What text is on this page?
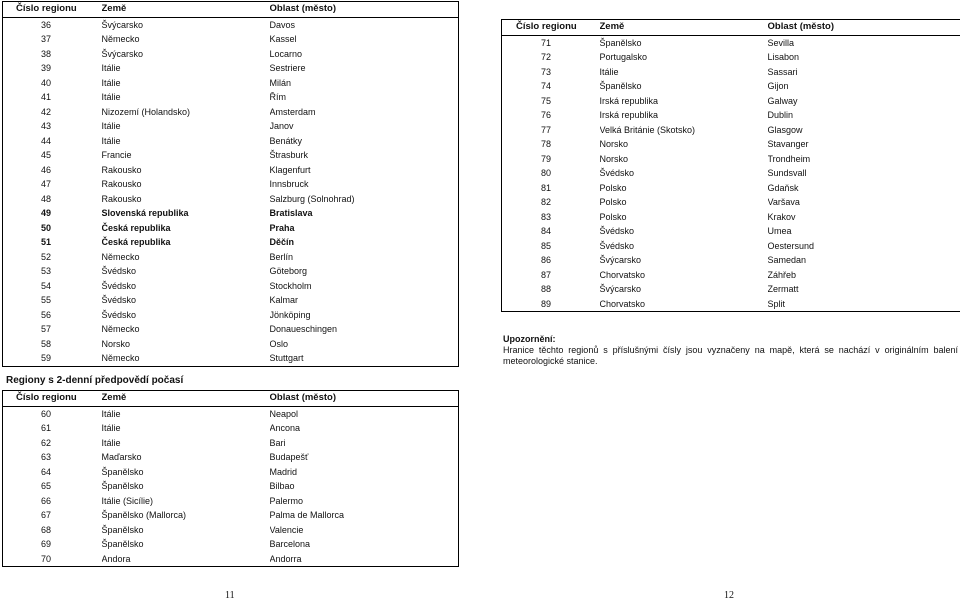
Číslo regionu	Země	Oblast (město)
36	Švýcarsko	Davos
37	Německo	Kassel
38	Švýcarsko	Locarno
39	Itálie	Sestriere
40	Itálie	Milán
41	Itálie	Řím
42	Nizozemí (Holandsko)	Amsterdam
43	Itálie	Janov
44	Itálie	Benátky
45	Francie	Štrasburk
46	Rakousko	Klagenfurt
47	Rakousko	Innsbruck
48	Rakousko	Salzburg (Solnohrad)
49	Slovenská republika	Bratislava
50	Česká republika	Praha
51	Česká republika	Děčín
52	Německo	Berlín
53	Švédsko	Göteborg
54	Švédsko	Stockholm
55	Švédsko	Kalmar
56	Švédsko	Jönköping
57	Německo	Donaueschingen
58	Norsko	Oslo
59	Německo	Stuttgart
Regiony s 2-denní předpovědí počasí
Číslo regionu	Země	Oblast (město)
60	Itálie	Neapol
61	Itálie	Ancona
62	Itálie	Bari
63	Maďarsko	Budapešť
64	Španělsko	Madrid
65	Španělsko	Bilbao
66	Itálie (Sicílie)	Palermo
67	Španělsko (Mallorca)	Palma de Mallorca
68	Španělsko	Valencie
69	Španělsko	Barcelona
70	Andora	Andorra
Číslo regionu	Země	Oblast (město)
71	Španělsko	Sevilla
72	Portugalsko	Lisabon
73	Itálie	Sassari
74	Španělsko	Gijon
75	Irská republika	Galway
76	Irská republika	Dublin
77	Velká Británie (Skotsko)	Glasgow
78	Norsko	Stavanger
79	Norsko	Trondheim
80	Švédsko	Sundsvall
81	Polsko	Gdaňsk
82	Polsko	Varšava
83	Polsko	Krakov
84	Švédsko	Umea
85	Švédsko	Oestersund
86	Švýcarsko	Samedan
87	Chorvatsko	Záhřeb
88	Švýcarsko	Zermatt
89	Chorvatsko	Split
Upozornění:
Hranice těchto regionů s příslušnými čísly jsou vyznačeny na mapě, která se nachází v originálním balení meteorologické stanice.
11	12
